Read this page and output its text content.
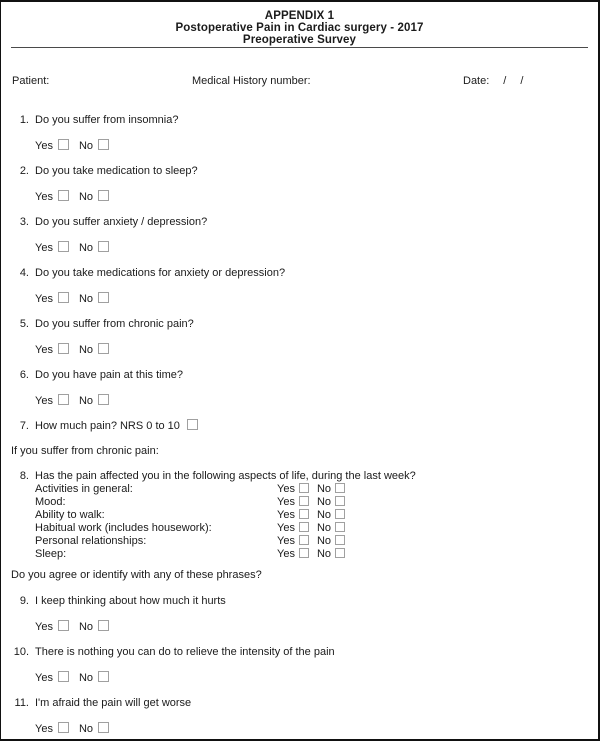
APPENDIX 1
Postoperative Pain in Cardiac surgery - 2017
Preoperative Survey
Patient:	Medical History number:	Date: / /
1. Do you suffer from insomnia?
Yes No
2. Do you take medication to sleep?
Yes No
3. Do you suffer anxiety / depression?
Yes No
4. Do you take medications for anxiety or depression?
Yes No
5. Do you suffer from chronic pain?
Yes No
6. Do you have pain at this time?
Yes No
7. How much pain? NRS 0 to 10
If you suffer from chronic pain:
8. Has the pain affected you in the following aspects of life, during the last week?
Activities in general:	Yes No
Mood:	Yes No
Ability to walk:	Yes No
Habitual work (includes housework):	Yes No
Personal relationships:	Yes No
Sleep:	Yes No
Do you agree or identify with any of these phrases?
9. I keep thinking about how much it hurts
Yes No
10. There is nothing you can do to relieve the intensity of the pain
Yes No
11. I'm afraid the pain will get worse
Yes No
